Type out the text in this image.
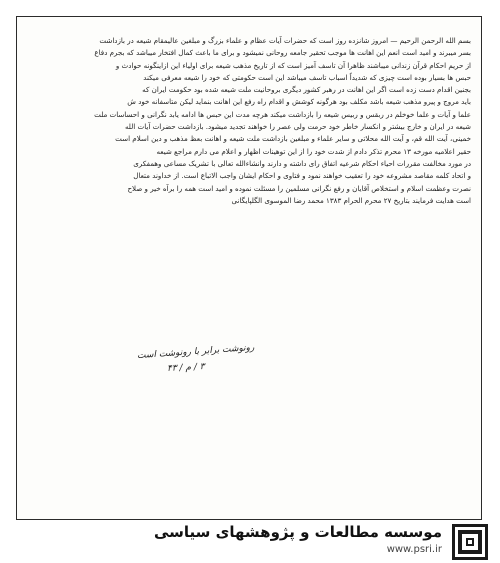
بسم الله الرحمن الرحيم — امروز شانزده روز است که حضرات آیات عظام و علماء بزرگ و مبلغین عالیمقام شیعه در بازداشت
بسر میبرند و امید است انعم این اهانت ها موجب تحقیر جامعه روحانی نمیشود و برای ما باعث کمال افتخار میباشد که بجرم دفاع
از حریم احکام قرآن زندانی میباشند ظاهرا آن تاسف آمیز است که از تاریخ مذهب شیعه برای اولیاء این ازاینگونه حوادث و
حبس ها بسیار بوده است چیزی که شدیداً اسباب تاسف میباشد این است حکومتی که خود را شیعه معرفی میکند
بجنین اقدام دست زده است اگر این اهانت در رهبر کشور دیگری بروحانیت ملت شیعه شده بود حکومت ایران که
باید مروج و پیرو مذهب شیعه باشد مکلف بود هرگونه کوشش و اقدام راه رفع این اهانت بنماید لیکن متاسفانه خود ش
علما و آیات و علما خوخلم در ربقس و ربیس شیعه را بازداشت میکند هرچه مدت این حبس ها ادامه یابد نگرانی و احساسات ملت
شیعه در ایران و خارج بیشتر و انکسار خاطر خود حرمت ولی عصر را خواهند تجدید میشود. بازداشت حضرات آیات الله
خمینی، آیت الله قم، و آیت الله محلاتی و سایر علماء و مبلغین بازداشت ملت شیعه و اهانت بعظ مذهب و دین اسلام است
حقیر اعلامیه مورخه ۱۳ محرم تذکر دادم از شدت خود را از این توهینات اظهار و اعلام می دارم مراجع شیعه
در مورد مخالفت مقررات احیاء احکام شرعیه اتفاق رای داشته و دارند وانشاءالله تعالی با تشریک مساعی وهمفکری
و اتحاد کلمه مقاصد مشروعه خود را تعقیب خواهند نمود و فتاوی و احکام ایشان واجب الاتباع است. از خداوند متعال
نصرت وعظمت اسلام و استخلاص آقایان و رفع نگرانی مسلمین را مسئلت نموده و امید است همه را برآه خیر و صلاح
است هدایت فرمایند بتاریخ ۲۷ محرم الحرام ۱۳۸۳ محمد رضا الموسوی الگلپایگانی
رونوشت برابر با رونوشت است
۳ / م / ۴۳
موسسه مطالعات و پژوهشهای سیاسی
www.psri.ir
